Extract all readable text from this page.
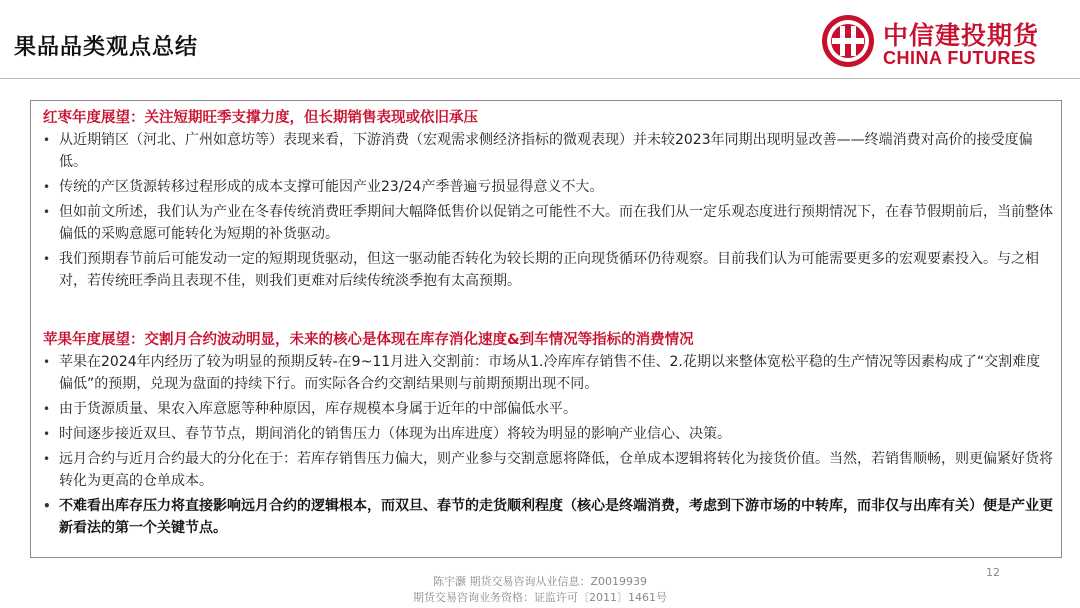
果品品类观点总结	中信建投期货
CHINA FUTURES
红枣年度展望：关注短期旺季支撑力度，但长期销售表现或依旧承压
• 从近期销区（河北、广州如意坊等）表现来看，下游消费（宏观需求侧经济指标的微观表现）并未较2023年同期出现明显改善——终端消费对高价的接受度偏低。
• 传统的产区货源转移过程形成的成本支撑可能因产业23/24产季普遍亏损显得意义不大。
• 但如前文所述，我们认为产业在冬春传统消费旺季期间大幅降低售价以促销之可能性不大。而在我们从一定乐观态度进行预期情况下，在春节假期前后，当前整体偏低的采购意愿可能转化为短期的补货驱动。
• 我们预期春节前后可能发动一定的短期现货驱动，但这一驱动能否转化为较长期的正向现货循环仍待观察。目前我们认为可能需要更多的宏观要素投入。与之相对，若传统旺季尚且表现不佳，则我们更难对后续传统淡季抱有太高预期。
苹果年度展望：交割月合约波动明显，未来的核心是体现在库存消化速度&到车情况等指标的消费情况
• 苹果在2024年内经历了较为明显的预期反转-在9~11月进入交割前：市场从1.冷库库存销售不佳、2.花期以来整体宽松平稳的生产情况等因素构成了“交割难度偏低”的预期，兑现为盘面的持续下行。而实际各合约交割结果则与前期预期出现不同。
• 由于货源质量、果农入库意愿等种种原因，库存规模本身属于近年的中部偏低水平。
• 时间逐步接近双旦、春节节点，期间消化的销售压力（体现为出库进度）将较为明显的影响产业信心、决策。
• 远月合约与近月合约最大的分化在于：若库存销售压力偏大，则产业参与交割意愿将降低，仓单成本逻辑将转化为接货价值。当然，若销售顺畅，则更偏紧好货将转化为更高的仓单成本。
• 不难看出库存压力将直接影响远月合约的逻辑根本，而双旦、春节的走货顺利程度（核心是终端消费，考虑到下游市场的中转库，而非仅与出库有关）便是产业更新看法的第一个关键节点。
12
陈宇灏 期货交易咨询从业信息：Z0019939
期货交易咨询业务资格：证监许可〔2011〕1461号
